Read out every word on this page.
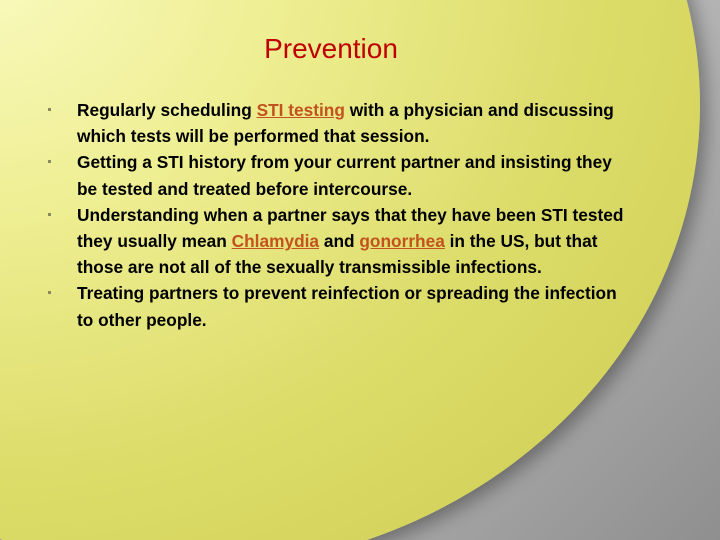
Prevention
Regularly scheduling STI testing with a physician and discussing which tests will be performed that session.
Getting a STI history from your current partner and insisting they be tested and treated before intercourse.
Understanding when a partner says that they have been STI tested they usually mean Chlamydia and gonorrhea in the US, but that those are not all of the sexually transmissible infections.
Treating partners to prevent reinfection or spreading the infection to other people.
